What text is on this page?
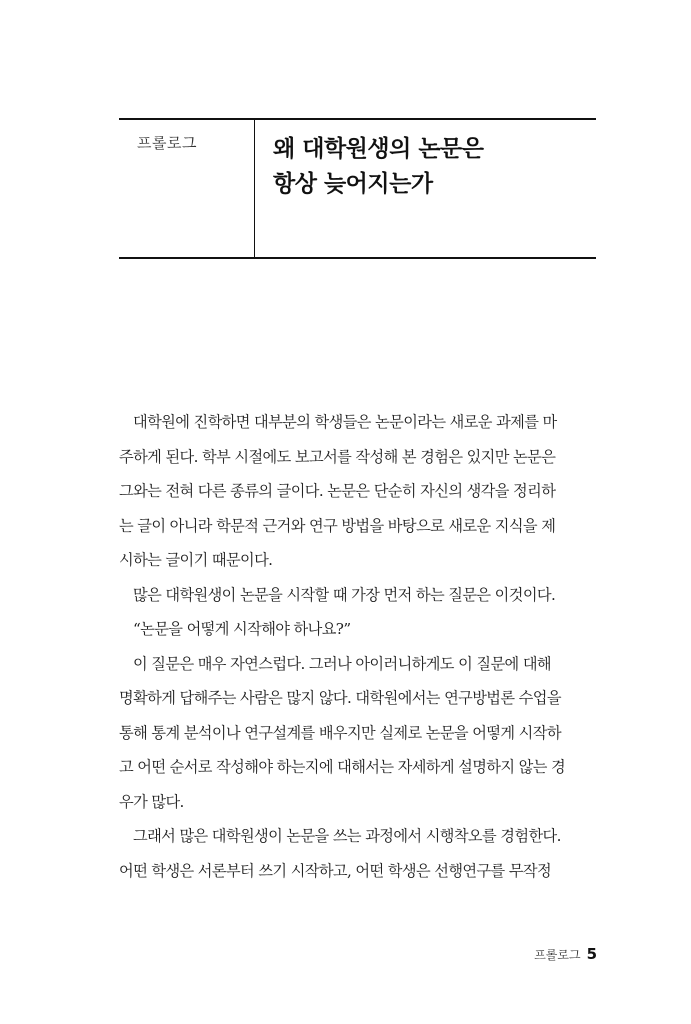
프롤로그	왜 대학원생의 논문은
항상 늦어지는가
대학원에 진학하면 대부분의 학생들은 논문이라는 새로운 과제를 마
주하게 된다. 학부 시절에도 보고서를 작성해 본 경험은 있지만 논문은
그와는 전혀 다른 종류의 글이다. 논문은 단순히 자신의 생각을 정리하
는 글이 아니라 학문적 근거와 연구 방법을 바탕으로 새로운 지식을 제
시하는 글이기 때문이다.
많은 대학원생이 논문을 시작할 때 가장 먼저 하는 질문은 이것이다.
“논문을 어떻게 시작해야 하나요?”
이 질문은 매우 자연스럽다. 그러나 아이러니하게도 이 질문에 대해
명확하게 답해주는 사람은 많지 않다. 대학원에서는 연구방법론 수업을
통해 통계 분석이나 연구설계를 배우지만 실제로 논문을 어떻게 시작하
고 어떤 순서로 작성해야 하는지에 대해서는 자세하게 설명하지 않는 경
우가 많다.
그래서 많은 대학원생이 논문을 쓰는 과정에서 시행착오를 경험한다.
어떤 학생은 서론부터 쓰기 시작하고, 어떤 학생은 선행연구를 무작정
프롤로그 5
